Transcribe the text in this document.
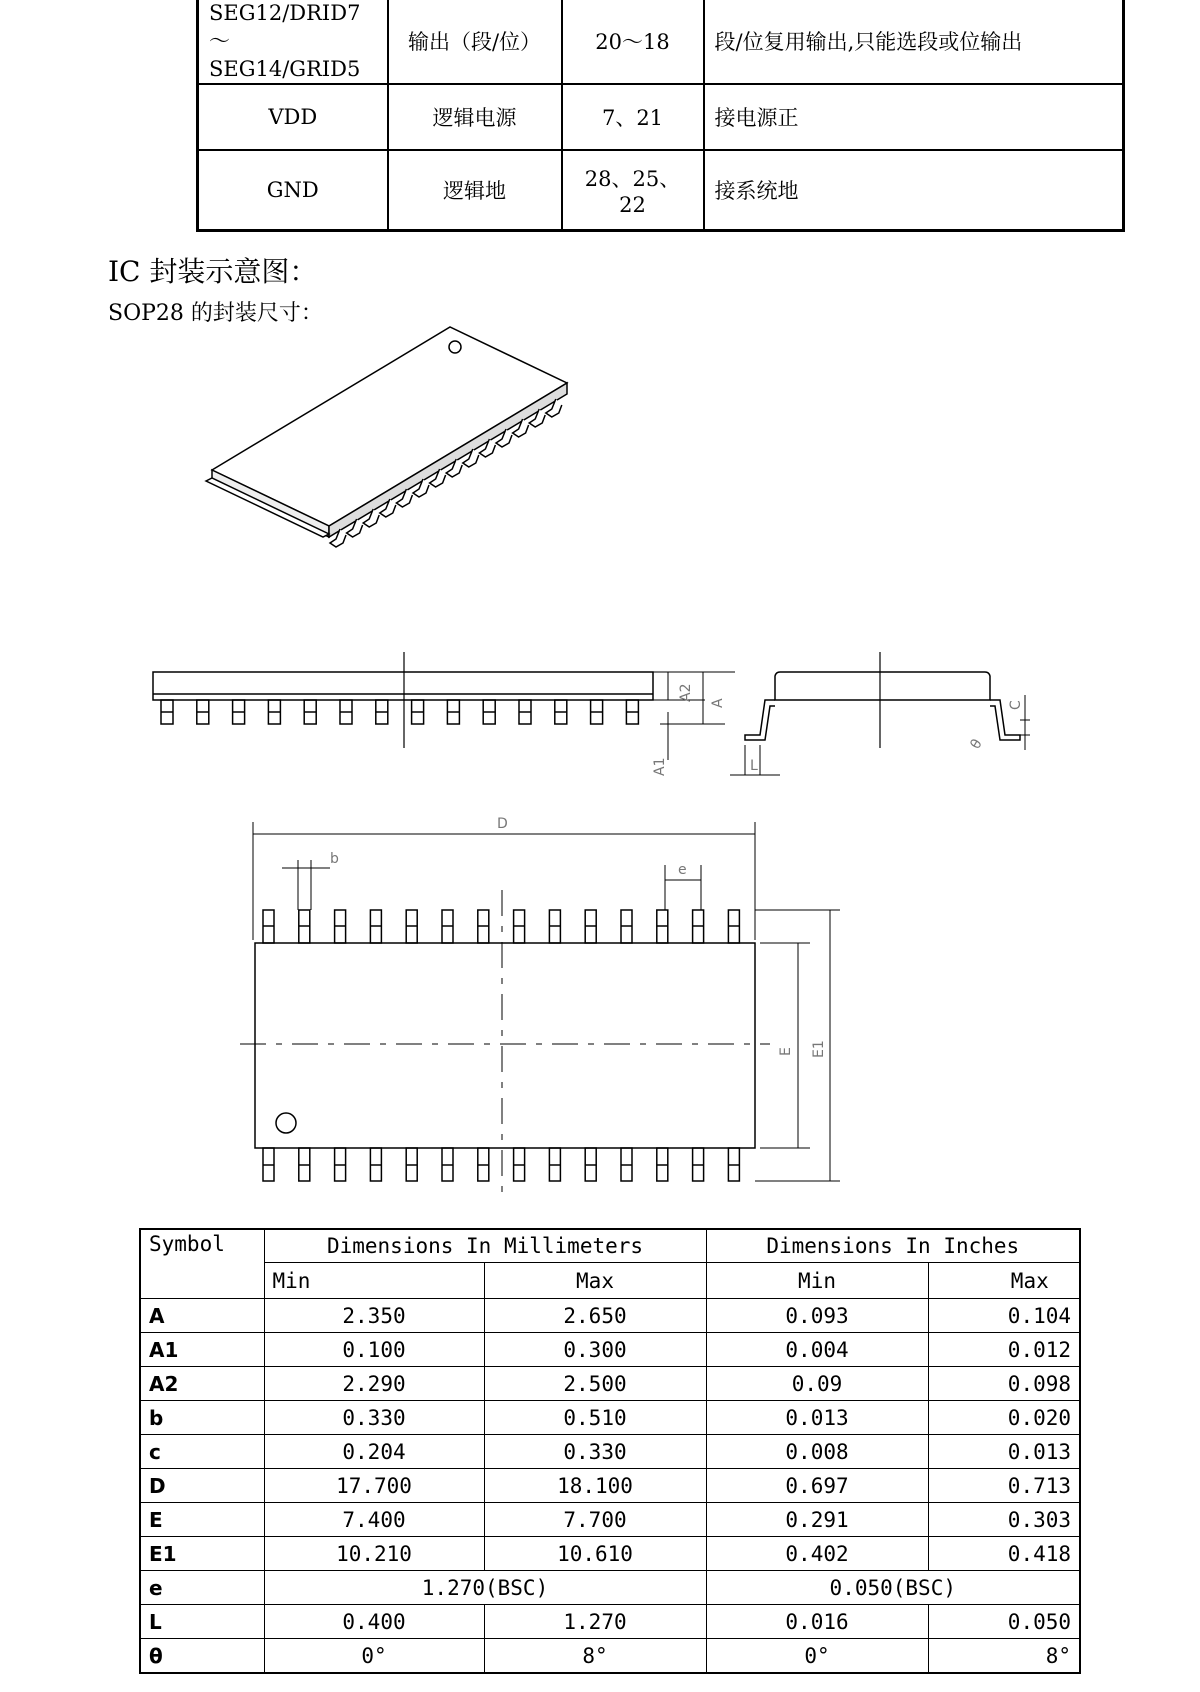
SEG12/DRID7 ～
SEG14/GRID5	输出（段/位）	20～18	段/位复用输出,只能选段或位输出
VDD	逻辑电源	7、21	接电源正
GND	逻辑地	28、25、22	接系统地
IC 封装示意图：
SOP28 的封装尺寸：
A2
A
A1	L
C
θ
D
b
e
E E1
Symbol	Dimensions In Millimeters		Dimensions In Inches	
	Min	Max	Min	Max
A	2.350	2.650	0.093	0.104
A1	0.100	0.300	0.004	0.012
A2	2.290	2.500	0.09	0.098
b	0.330	0.510	0.013	0.020
c	0.204	0.330	0.008	0.013
D	17.700	18.100	0.697	0.713
E	7.400	7.700	0.291	0.303
E1	10.210	10.610	0.402	0.418
e	1.270(BSC)		0.050(BSC)	
L	0.400	1.270	0.016	0.050
θ	0°	8°	0°	8°
